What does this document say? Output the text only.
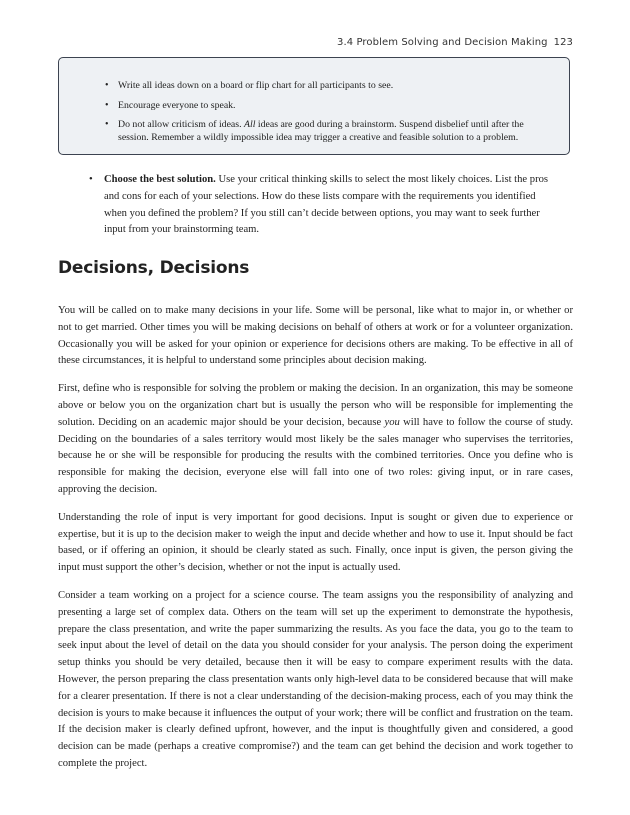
3.4 Problem Solving and Decision Making 123
• Write all ideas down on a board or flip chart for all participants to see.
• Encourage everyone to speak.
• Do not allow criticism of ideas. All ideas are good during a brainstorm. Suspend disbelief until after the session. Remember a wildly impossible idea may trigger a creative and feasible solution to a problem.
• Choose the best solution. Use your critical thinking skills to select the most likely choices. List the pros and cons for each of your selections. How do these lists compare with the requirements you identified when you defined the problem? If you still can’t decide between options, you may want to seek further input from your brainstorming team.
Decisions, Decisions

You will be called on to make many decisions in your life. Some will be personal, like what to major in, or whether or not to get married. Other times you will be making decisions on behalf of others at work or for a volunteer organization. Occasionally you will be asked for your opinion or experience for decisions others are making. To be effective in all of these circumstances, it is helpful to understand some principles about decision making.

First, define who is responsible for solving the problem or making the decision. In an organization, this may be someone above or below you on the organization chart but is usually the person who will be responsible for implementing the solution. Deciding on an academic major should be your decision, because you will have to follow the course of study. Deciding on the boundaries of a sales territory would most likely be the sales manager who supervises the territories, because he or she will be responsible for producing the results with the combined territories. Once you define who is responsible for making the decision, everyone else will fall into one of two roles: giving input, or in rare cases, approving the decision.

Understanding the role of input is very important for good decisions. Input is sought or given due to experience or expertise, but it is up to the decision maker to weigh the input and decide whether and how to use it. Input should be fact based, or if offering an opinion, it should be clearly stated as such. Finally, once input is given, the person giving the input must support the other’s decision, whether or not the input is actually used.

Consider a team working on a project for a science course. The team assigns you the responsibility of analyzing and presenting a large set of complex data. Others on the team will set up the experiment to demonstrate the hypothesis, prepare the class presentation, and write the paper summarizing the results. As you face the data, you go to the team to seek input about the level of detail on the data you should consider for your analysis. The person doing the experiment setup thinks you should be very detailed, because then it will be easy to compare experiment results with the data. However, the person preparing the class presentation wants only high-level data to be considered because that will make for a clearer presentation. If there is not a clear understanding of the decision-making process, each of you may think the decision is yours to make because it influences the output of your work; there will be conflict and frustration on the team. If the decision maker is clearly defined upfront, however, and the input is thoughtfully given and considered, a good decision can be made (perhaps a creative compromise?) and the team can get behind the decision and work together to complete the project.
